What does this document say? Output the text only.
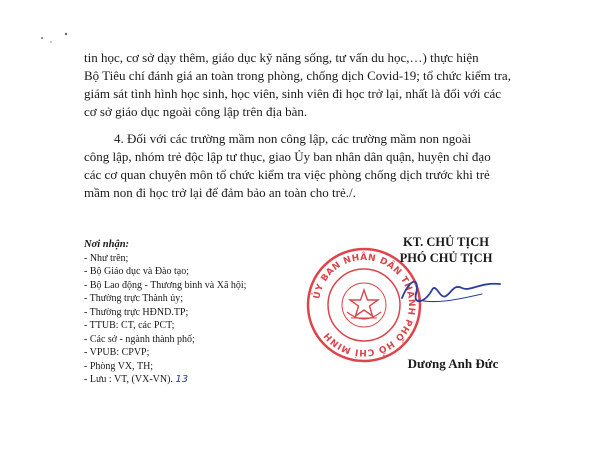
tin học, cơ sở dạy thêm, giáo dục kỹ năng sống, tư vấn du học,…) thực hiện
Bộ Tiêu chí đánh giá an toàn trong phòng, chống dịch Covid-19; tổ chức kiểm tra,
giám sát tình hình học sinh, học viên, sinh viên đi học trở lại, nhất là đối với các
cơ sở giáo dục ngoài công lập trên địa bàn.
4. Đối với các trường mầm non công lập, các trường mầm non ngoài
công lập, nhóm trẻ độc lập tư thục, giao Ủy ban nhân dân quận, huyện chỉ đạo
các cơ quan chuyên môn tổ chức kiểm tra việc phòng chống dịch trước khi trẻ
mầm non đi học trở lại để đảm bảo an toàn cho trẻ./.
Nơi nhận:
- Như trên;
- Bộ Giáo dục và Đào tạo;
- Bộ Lao động - Thương binh và Xã hội;
- Thường trực Thành ủy;
- Thường trực HĐND.TP;
- TTUB: CT, các PCT;
- Các sở - ngành thành phố;
- VPUB: CPVP;
- Phòng VX, TH;
- Lưu : VT, (VX-VN). 13
ỦY BAN NHÂN DÂN THÀNH PHỐ HỒ CHÍ MINH
KT. CHỦ TỊCH
PHÓ CHỦ TỊCH
Dương Anh Đức
